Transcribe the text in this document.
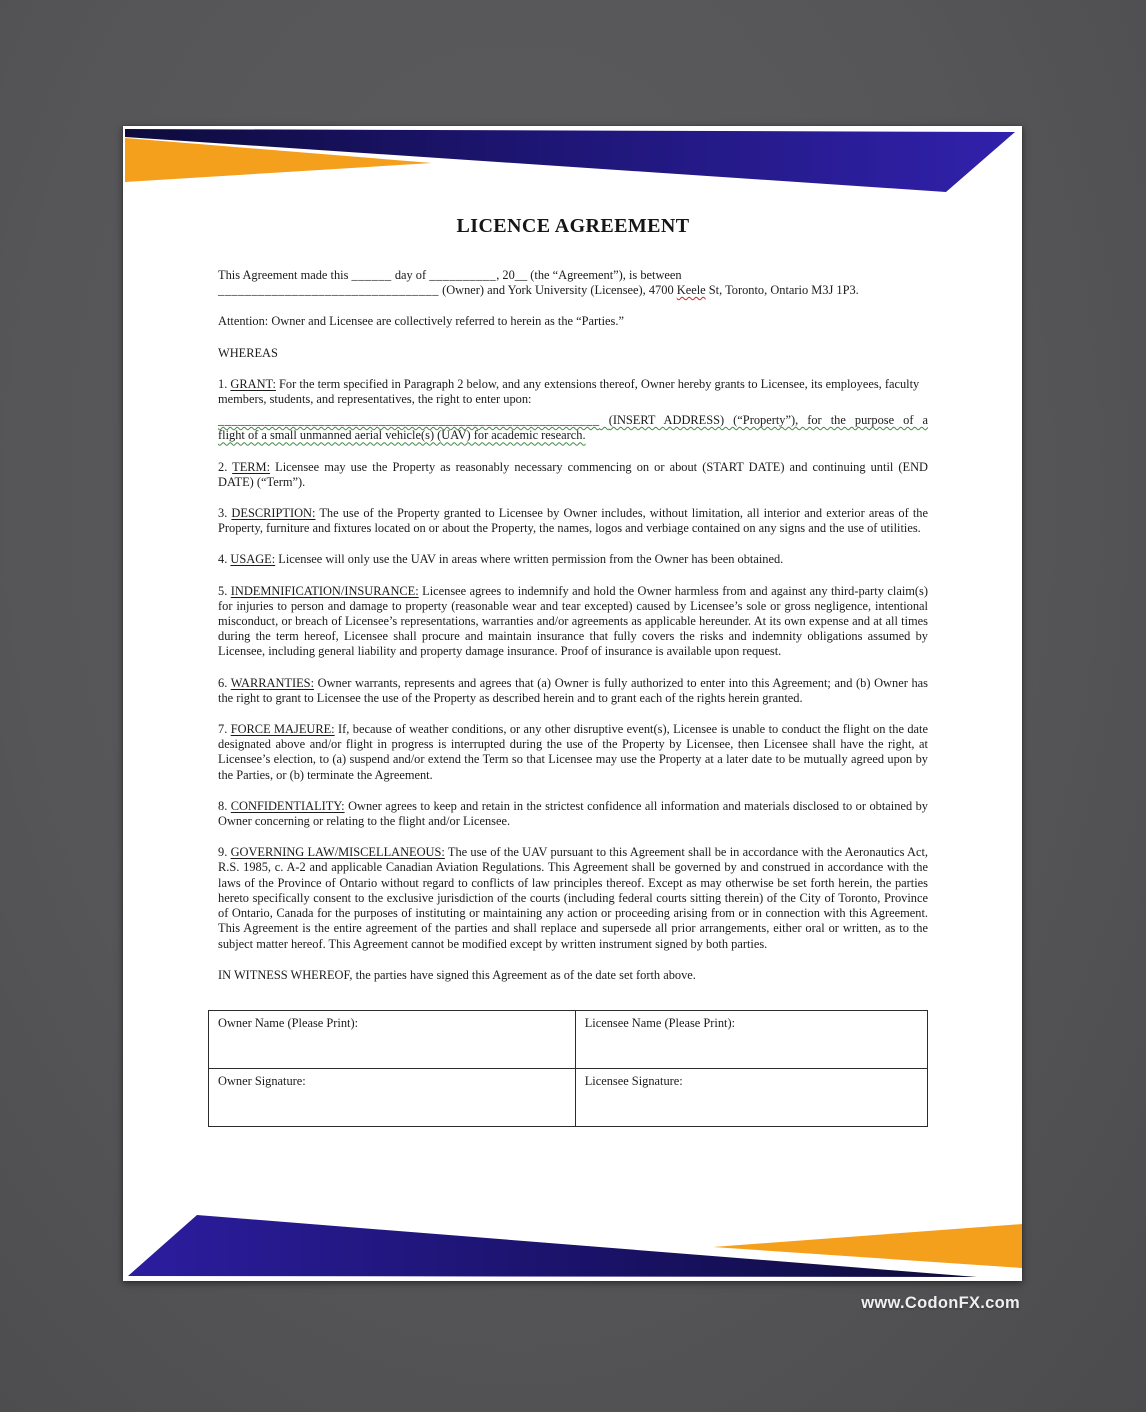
LICENCE AGREEMENT
This Agreement made this ______ day of __________, 20__ (the “Agreement”), is between
_________________________________ (Owner) and York University (Licensee), 4700 Keele St, Toronto, Ontario M3J 1P3.
Attention: Owner and Licensee are collectively referred to herein as the “Parties.”
WHEREAS
1. GRANT: For the term specified in Paragraph 2 below, and any extensions thereof, Owner hereby grants to Licensee, its employees, faculty members, students, and representatives, the right to enter upon:
_________________________________________________________ (INSERT ADDRESS) (“Property”), for the purpose of a
flight of a small unmanned aerial vehicle(s) (UAV) for academic research.
2. TERM: Licensee may use the Property as reasonably necessary commencing on or about (START DATE) and continuing until (END DATE) (“Term”).
3. DESCRIPTION: The use of the Property granted to Licensee by Owner includes, without limitation, all interior and exterior areas of the Property, furniture and fixtures located on or about the Property, the names, logos and verbiage contained on any signs and the use of utilities.
4. USAGE: Licensee will only use the UAV in areas where written permission from the Owner has been obtained.
5. INDEMNIFICATION/INSURANCE: Licensee agrees to indemnify and hold the Owner harmless from and against any third-party claim(s) for injuries to person and damage to property (reasonable wear and tear excepted) caused by Licensee’s sole or gross negligence, intentional misconduct, or breach of Licensee’s representations, warranties and/or agreements as applicable hereunder. At its own expense and at all times during the term hereof, Licensee shall procure and maintain insurance that fully covers the risks and indemnity obligations assumed by Licensee, including general liability and property damage insurance. Proof of insurance is available upon request.
6. WARRANTIES: Owner warrants, represents and agrees that (a) Owner is fully authorized to enter into this Agreement; and (b) Owner has the right to grant to Licensee the use of the Property as described herein and to grant each of the rights herein granted.
7. FORCE MAJEURE: If, because of weather conditions, or any other disruptive event(s), Licensee is unable to conduct the flight on the date designated above and/or flight in progress is interrupted during the use of the Property by Licensee, then Licensee shall have the right, at Licensee’s election, to (a) suspend and/or extend the Term so that Licensee may use the Property at a later date to be mutually agreed upon by the Parties, or (b) terminate the Agreement.
8. CONFIDENTIALITY: Owner agrees to keep and retain in the strictest confidence all information and materials disclosed to or obtained by Owner concerning or relating to the flight and/or Licensee.
9. GOVERNING LAW/MISCELLANEOUS: The use of the UAV pursuant to this Agreement shall be in accordance with the Aeronautics Act, R.S. 1985, c. A-2 and applicable Canadian Aviation Regulations. This Agreement shall be governed by and construed in accordance with the laws of the Province of Ontario without regard to conflicts of law principles thereof. Except as may otherwise be set forth herein, the parties hereto specifically consent to the exclusive jurisdiction of the courts (including federal courts sitting therein) of the City of Toronto, Province of Ontario, Canada for the purposes of instituting or maintaining any action or proceeding arising from or in connection with this Agreement. This Agreement is the entire agreement of the parties and shall replace and supersede all prior arrangements, either oral or written, as to the subject matter hereof. This Agreement cannot be modified except by written instrument signed by both parties.
IN WITNESS WHEREOF, the parties have signed this Agreement as of the date set forth above.
Owner Name (Please Print):	Licensee Name (Please Print):
Owner Signature:	Licensee Signature:
www.CodonFX.com
